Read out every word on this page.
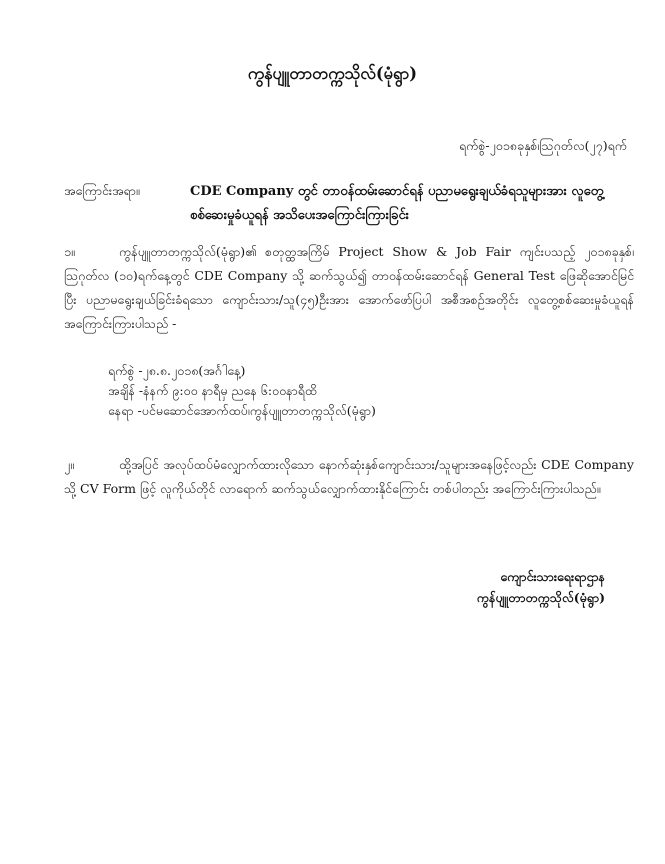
ကွန်ပျူတာတက္ကသိုလ်(မုံရွာ)
ရက်စွဲ-၂၀၁၈ခုနှစ်၊ဩဂုတ်လ(၂၇)ရက်
အကြောင်းအရာ။	CDE Company တွင် တာဝန်ထမ်းဆောင်ရန် ပညာမရွေးချယ်ခံရသူများအား လူတွေ့ စစ်ဆေးမှုခံယူရန် အသိပေးအကြောင်းကြားခြင်း
၁။	ကွန်ပျူတာတက္ကသိုလ်(မုံရွာ)၏ စတုတ္ထအကြိမ် Project Show & Job Fair ကျင်းပသည့် ၂၀၁၈ခုနှစ်၊ ဩဂုတ်လ (၁၀)ရက်နေ့တွင် CDE Company သို့ ဆက်သွယ်၍ တာဝန်ထမ်းဆောင်ရန် General Test ဖြေဆိုအောင်မြင်ပြီး ပညာမရွေးချယ်ခြင်းခံရသော ကျောင်းသား/သူ(၄၅)ဦးအား အောက်ဖော်ပြပါ အစီအစဉ်အတိုင်း လူတွေ့စစ်ဆေးမှုခံယူရန် အကြောင်းကြားပါသည် -
ရက်စွဲ -၂၈.၈.၂၀၁၈(အင်္ဂါနေ့)
အချိန် -နံနက် ၉:၀၀ နာရီမှ ညနေ ၆:၀၀နာရီထိ
နေရာ -ပင်မဆောင်အောက်ထပ်၊ကွန်ပျူတာတက္ကသိုလ်(မုံရွာ)
၂။	ထို့အပြင် အလုပ်ထပ်မံလျှောက်ထားလိုသော နောက်ဆုံးနှစ်ကျောင်းသား/သူများအနေဖြင့်လည်း CDE Company သို့ CV Form ဖြင့် လူကိုယ်တိုင် လာရောက် ဆက်သွယ်လျှောက်ထားနိုင်ကြောင်း တစ်ပါတည်း အကြောင်းကြားပါသည်။
ကျောင်းသားရေးရာဌာန
ကွန်ပျူတာတက္ကသိုလ်(မုံရွာ)
